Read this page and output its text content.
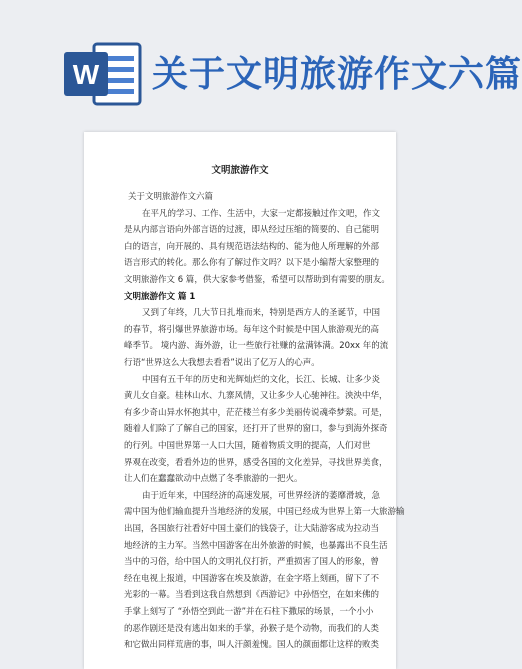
W 关于文明旅游作文六篇
文明旅游作文
关于文明旅游作文六篇
在平凡的学习、工作、生活中，大家一定都接触过作文吧，作文
是从内部言语向外部言语的过渡，即从经过压缩的简要的、自己能明
白的语言，向开展的、具有规范语法结构的、能为他人所理解的外部
语言形式的转化。那么你有了解过作文吗？以下是小编帮大家整理的
文明旅游作文 6 篇，供大家参考借鉴，希望可以帮助到有需要的朋友。
文明旅游作文 篇 1
又到了年终，几大节日扎堆而来，特别是西方人的圣诞节，中国
的春节，将引爆世界旅游市场。每年这个时候是中国人旅游观光的高
峰季节。 境内游、海外游，让一些旅行社赚的盆满钵满。20xx 年的流
行语“世界这么大我想去看看”说出了亿万人的心声。
中国有五千年的历史和光辉灿烂的文化，长江、长城、让多少炎
黄儿女自豪。桂林山水、九寨风情，又让多少人心驰神往。泱泱中华，
有多少奇山异水怀抱其中，茫茫楼兰有多少美丽传说魂牵梦萦。可是，
随着人们除了了解自己的国家，还打开了世界的窗口，参与到海外探奇
的行列。中国世界第一人口大国，随着物质文明的提高，人们对世
界观在改变，看看外边的世界，感受各国的文化差异，寻找世界美食，
让人们在蠢蠢欲动中点燃了冬季旅游的一把火。
由于近年来，中国经济的高速发展，可世界经济的萎靡滑坡，急
需中国为他们输血提升当地经济的发展，中国已经成为世界上第一大旅游输
出国，各国旅行社看好中国土豪们的钱袋子，让大陆游客成为拉动当
地经济的主力军。当然中国游客在出外旅游的时候，也暴露出不良生活
当中的习俗，给中国人的文明礼仪打折，严重损害了国人的形象，曾
经在电视上报道，中国游客在埃及旅游，在金字塔上刻画，留下了不
光彩的一幕。当看到这我自然想到《西游记》中孙悟空，在如来佛的
手掌上刻写了 “孙悟空到此一游”并在石柱下撒尿的场景，一个小小
的恶作剧还是没有逃出如来的手掌，孙猴子是个动物，而我们的人类
和它做出同样荒唐的事，叫人汗颜羞愧。国人的颜面都让这样的败类
